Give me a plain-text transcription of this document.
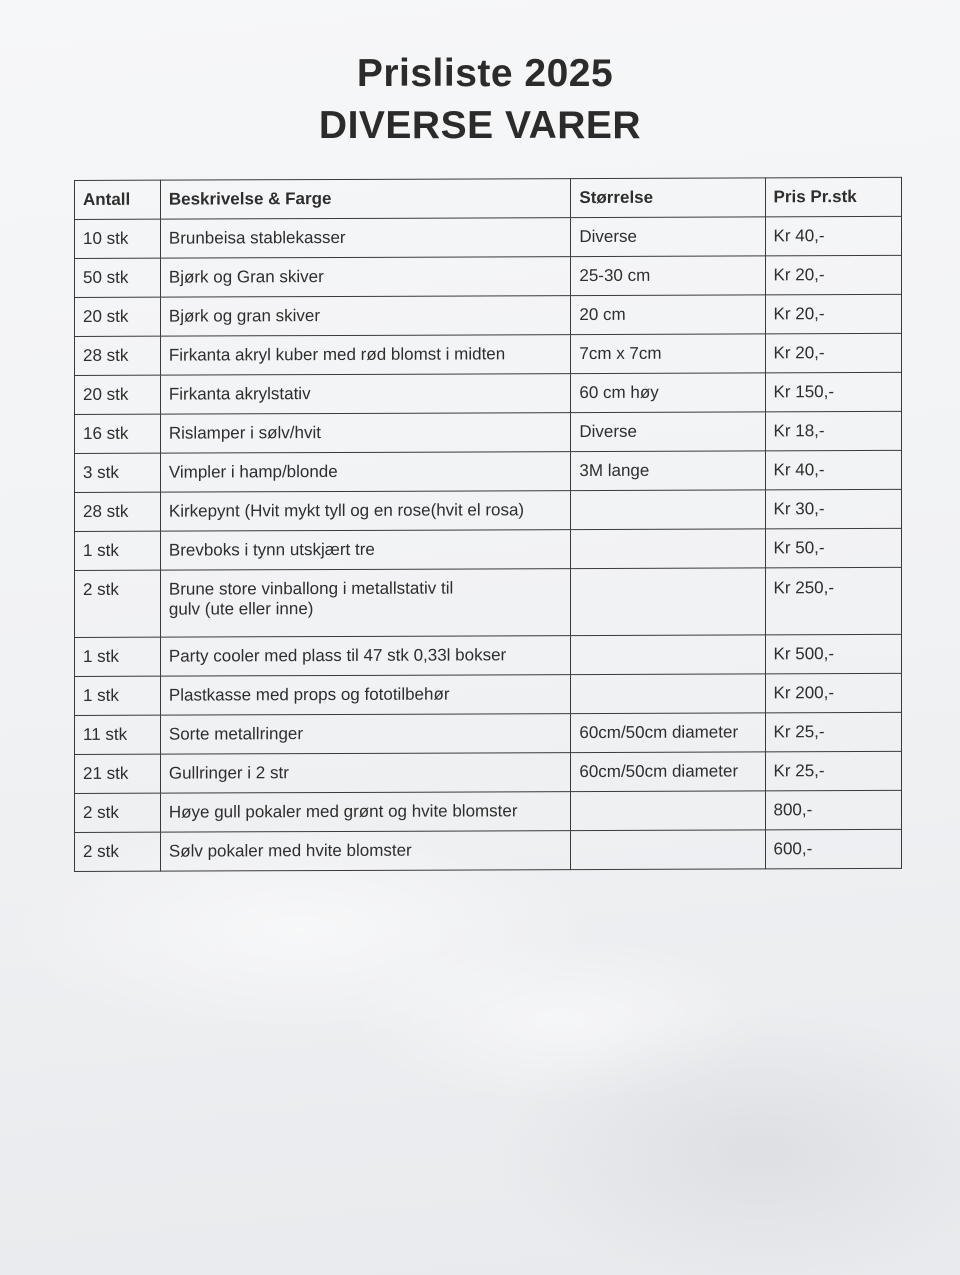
Prisliste 2025
DIVERSE VARER
Antall	Beskrivelse & Farge	Størrelse	Pris Pr.stk
10 stk	Brunbeisa stablekasser	Diverse	Kr 40,-
50 stk	Bjørk og Gran skiver	25-30 cm	Kr 20,-
20 stk	Bjørk og gran skiver	20 cm	Kr 20,-
28 stk	Firkanta akryl kuber med rød blomst i midten	7cm x 7cm	Kr 20,-
20 stk	Firkanta akrylstativ	60 cm høy	Kr 150,-
16 stk	Rislamper i sølv/hvit	Diverse	Kr 18,-
3 stk	Vimpler i hamp/blonde	3M lange	Kr 40,-
28 stk	Kirkepynt (Hvit mykt tyll og en rose(hvit el rosa)		Kr 30,-
1 stk	Brevboks i tynn utskjært tre		Kr 50,-
2 stk	Brune store vinballong i metallstativ til
gulv (ute eller inne)		Kr 250,-
1 stk	Party cooler med plass til 47 stk 0,33l bokser		Kr 500,-
1 stk	Plastkasse med props og fototilbehør		Kr 200,-
11 stk	Sorte metallringer	60cm/50cm diameter	Kr 25,-
21 stk	Gullringer i 2 str	60cm/50cm diameter	Kr 25,-
2 stk	Høye gull pokaler med grønt og hvite blomster		800,-
2 stk	Sølv pokaler med hvite blomster		600,-
